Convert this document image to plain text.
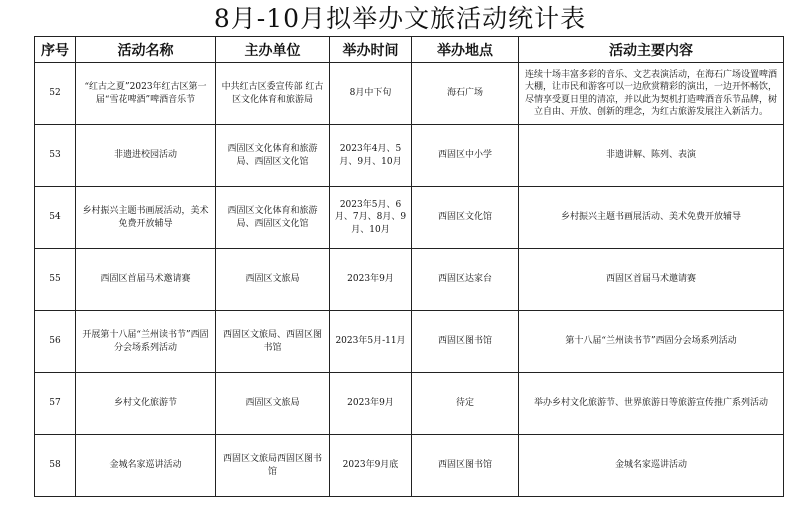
8月-10月拟举办文旅活动统计表
序号	活动名称	主办单位	举办时间	举办地点	活动主要内容
52	“红古之夏”2023年红古区第一届“雪花啤酒”啤酒音乐节	中共红古区委宣传部 红古区文化体育和旅游局	8月中下旬	海石广场	连续十场丰富多彩的音乐、文艺表演活动，在海石广场设置啤酒大棚，让市民和游客可以一边欣赏精彩的演出，一边开怀畅饮，尽情享受夏日里的清凉，并以此为契机打造啤酒音乐节品牌，树立自由、开放、创新的理念，为红古旅游发展注入新活力。
53	非遗进校园活动	西固区文化体育和旅游局、西固区文化馆	2023年4月、5月、9月、10月	西固区中小学	非遗讲解、陈列、表演
54	乡村振兴主题书画展活动，美术免费开放辅导	西固区文化体育和旅游局、西固区文化馆	2023年5月、6月、7月、8月、9月、10月	西固区文化馆	乡村振兴主题书画展活动、美术免费开放辅导
55	西固区首届马术邀请赛	西固区文旅局	2023年9月	西固区达家台	西固区首届马术邀请赛
56	开展第十八届“兰州读书节”西固分会场系列活动	西固区文旅局、西固区图书馆	2023年5月-11月	西固区图书馆	第十八届“兰州读书节”西固分会场系列活动
57	乡村文化旅游节	西固区文旅局	2023年9月	待定	举办乡村文化旅游节、世界旅游日等旅游宣传推广系列活动
58	金城名家巡讲活动	西固区文旅局西固区图书馆	2023年9月底	西固区图书馆	金城名家巡讲活动
